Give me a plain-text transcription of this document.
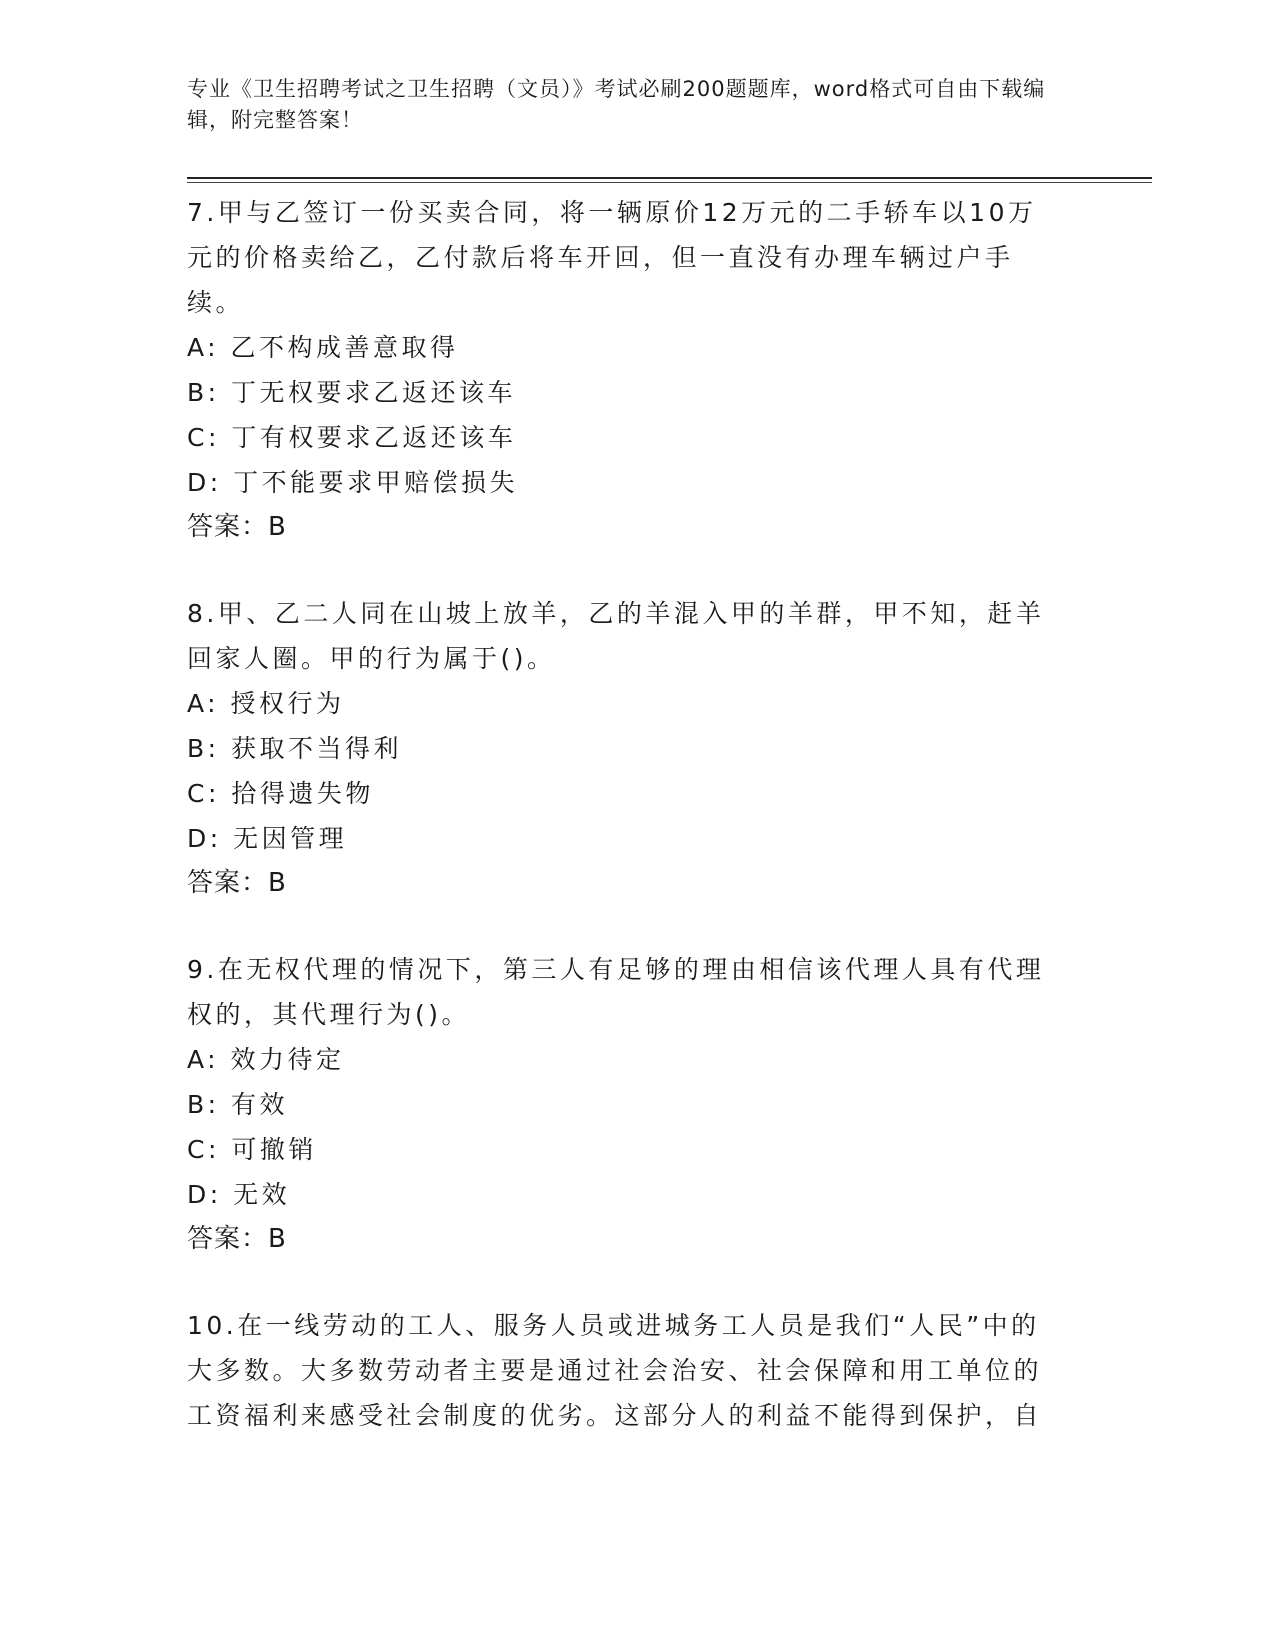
专业《卫生招聘考试之卫生招聘（文员）》考试必刷200题题库，word格式可自由下载编辑，附完整答案！

7.甲与乙签订一份买卖合同，将一辆原价12万元的二手轿车以10万元的价格卖给乙，乙付款后将车开回，但一直没有办理车辆过户手续。

A: 乙不构成善意取得

B: 丁无权要求乙返还该车

C: 丁有权要求乙返还该车

D: 丁不能要求甲赔偿损失

答案：B

8.甲、乙二人同在山坡上放羊，乙的羊混入甲的羊群，甲不知，赶羊回家人圈。甲的行为属于()。

A: 授权行为

B: 获取不当得利

C: 拾得遗失物

D: 无因管理

答案：B

9.在无权代理的情况下，第三人有足够的理由相信该代理人具有代理权的，其代理行为()。

A: 效力待定

B: 有效

C: 可撤销

D: 无效

答案：B

10.在一线劳动的工人、服务人员或进城务工人员是我们“人民”中的大多数。大多数劳动者主要是通过社会治安、社会保障和用工单位的工资福利来感受社会制度的优劣。这部分人的利益不能得到保护，自
